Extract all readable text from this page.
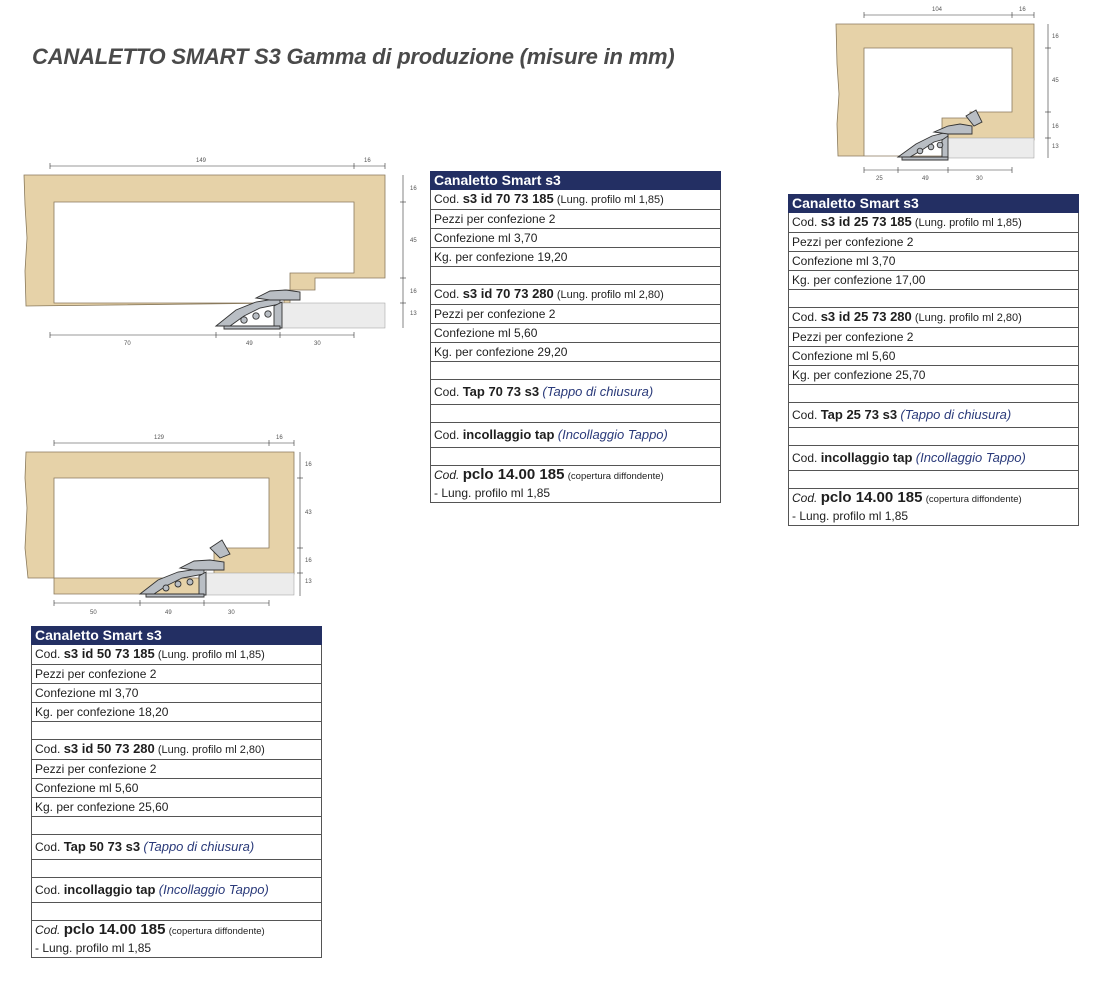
CANALETTO SMART S3 Gamma di produzione (misure in mm)
149	16
16
45
16
13
70	49	30
129	16
16
43
16
13
50	49	30
104	16
16
45
16
13
25	49	30
Canaletto Smart s3
Cod. s3 id 70 73 185 (Lung. profilo ml 1,85)
Pezzi per confezione 2
Confezione ml 3,70
Kg. per confezione 19,20

Cod. s3 id 70 73 280 (Lung. profilo ml 2,80)
Pezzi per confezione 2
Confezione ml 5,60
Kg. per confezione 29,20

Cod. Tap 70 73 s3 (Tappo di chiusura)

Cod. incollaggio tap (Incollaggio Tappo)

Cod. pclo 14.00 185 (copertura diffondente)
- Lung. profilo ml 1,85
Canaletto Smart s3
Cod. s3 id 25 73 185 (Lung. profilo ml 1,85)
Pezzi per confezione 2
Confezione ml 3,70
Kg. per confezione 17,00

Cod. s3 id 25 73 280 (Lung. profilo ml 2,80)
Pezzi per confezione 2
Confezione ml 5,60
Kg. per confezione 25,70

Cod. Tap 25 73 s3 (Tappo di chiusura)

Cod. incollaggio tap (Incollaggio Tappo)

Cod. pclo 14.00 185 (copertura diffondente)
- Lung. profilo ml 1,85
Canaletto Smart s3
Cod. s3 id 50 73 185 (Lung. profilo ml 1,85)
Pezzi per confezione 2
Confezione ml 3,70
Kg. per confezione 18,20

Cod. s3 id 50 73 280 (Lung. profilo ml 2,80)
Pezzi per confezione 2
Confezione ml 5,60
Kg. per confezione 25,60

Cod. Tap 50 73 s3 (Tappo di chiusura)

Cod. incollaggio tap (Incollaggio Tappo)

Cod. pclo 14.00 185 (copertura diffondente)
- Lung. profilo ml 1,85
